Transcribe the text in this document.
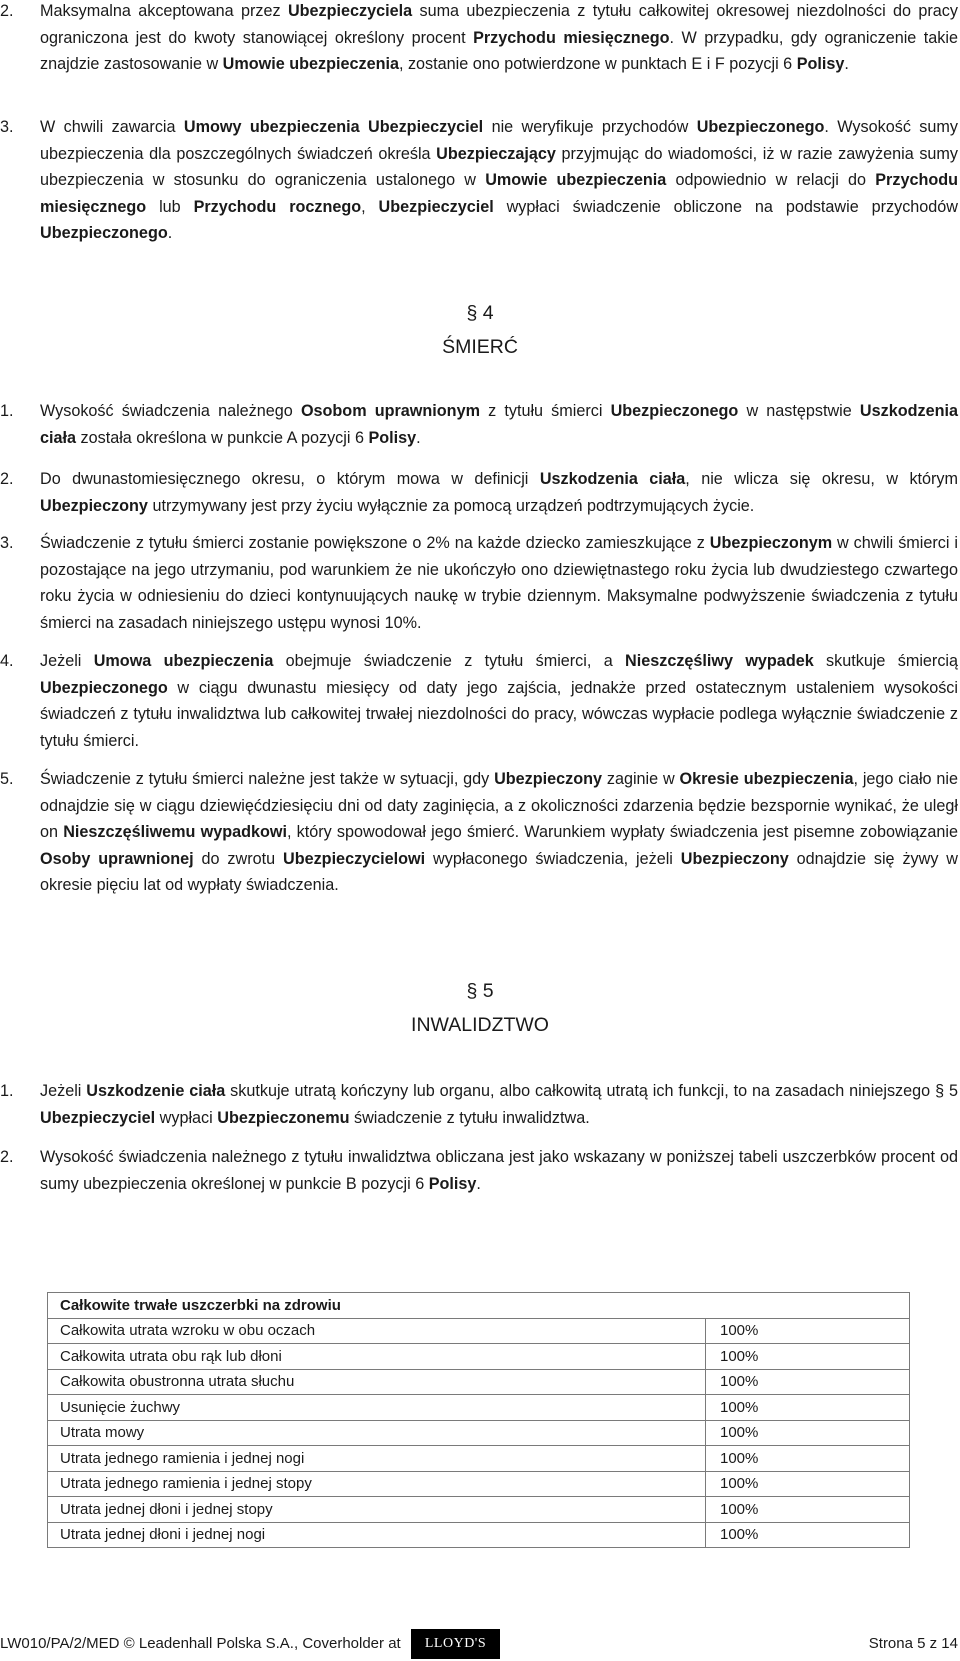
2. Maksymalna akceptowana przez Ubezpieczyciela suma ubezpieczenia z tytułu całkowitej okresowej niezdolności do pracy ograniczona jest do kwoty stanowiącej określony procent Przychodu miesięcznego. W przypadku, gdy ograniczenie takie znajdzie zastosowanie w Umowie ubezpieczenia, zostanie ono potwierdzone w punktach E i F pozycji 6 Polisy.
3. W chwili zawarcia Umowy ubezpieczenia Ubezpieczyciel nie weryfikuje przychodów Ubezpieczonego. Wysokość sumy ubezpieczenia dla poszczególnych świadczeń określa Ubezpieczający przyjmując do wiadomości, iż w razie zawyżenia sumy ubezpieczenia w stosunku do ograniczenia ustalonego w Umowie ubezpieczenia odpowiednio w relacji do Przychodu miesięcznego lub Przychodu rocznego, Ubezpieczyciel wypłaci świadczenie obliczone na podstawie przychodów Ubezpieczonego.
§ 4
ŚMIERĆ
1. Wysokość świadczenia należnego Osobom uprawnionym z tytułu śmierci Ubezpieczonego w następstwie Uszkodzenia ciała została określona w punkcie A pozycji 6 Polisy.
2. Do dwunastomiesięcznego okresu, o którym mowa w definicji Uszkodzenia ciała, nie wlicza się okresu, w którym Ubezpieczony utrzymywany jest przy życiu wyłącznie za pomocą urządzeń podtrzymujących życie.
3. Świadczenie z tytułu śmierci zostanie powiększone o 2% na każde dziecko zamieszkujące z Ubezpieczonym w chwili śmierci i pozostające na jego utrzymaniu, pod warunkiem że nie ukończyło ono dziewiętnastego roku życia lub dwudziestego czwartego roku życia w odniesieniu do dzieci kontynuujących naukę w trybie dziennym. Maksymalne podwyższenie świadczenia z tytułu śmierci na zasadach niniejszego ustępu wynosi 10%.
4. Jeżeli Umowa ubezpieczenia obejmuje świadczenie z tytułu śmierci, a Nieszczęśliwy wypadek skutkuje śmiercią Ubezpieczonego w ciągu dwunastu miesięcy od daty jego zajścia, jednakże przed ostatecznym ustaleniem wysokości świadczeń z tytułu inwalidztwa lub całkowitej trwałej niezdolności do pracy, wówczas wypłacie podlega wyłącznie świadczenie z tytułu śmierci.
5. Świadczenie z tytułu śmierci należne jest także w sytuacji, gdy Ubezpieczony zaginie w Okresie ubezpieczenia, jego ciało nie odnajdzie się w ciągu dziewięćdziesięciu dni od daty zaginięcia, a z okoliczności zdarzenia będzie bezspornie wynikać, że uległ on Nieszczęśliwemu wypadkowi, który spowodował jego śmierć. Warunkiem wypłaty świadczenia jest pisemne zobowiązanie Osoby uprawnionej do zwrotu Ubezpieczycielowi wypłaconego świadczenia, jeżeli Ubezpieczony odnajdzie się żywy w okresie pięciu lat od wypłaty świadczenia.
§ 5
INWALIDZTWO
1. Jeżeli Uszkodzenie ciała skutkuje utratą kończyny lub organu, albo całkowitą utratą ich funkcji, to na zasadach niniejszego § 5 Ubezpieczyciel wypłaci Ubezpieczonemu świadczenie z tytułu inwalidztwa.
2. Wysokość świadczenia należnego z tytułu inwalidztwa obliczana jest jako wskazany w poniższej tabeli uszczerbków procent od sumy ubezpieczenia określonej w punkcie B pozycji 6 Polisy.
Całkowite trwałe uszczerbki na zdrowiu	
Całkowita utrata wzroku w obu oczach	100%
Całkowita utrata obu rąk lub dłoni	100%
Całkowita obustronna utrata słuchu	100%
Usunięcie żuchwy	100%
Utrata mowy	100%
Utrata jednego ramienia i jednej nogi	100%
Utrata jednego ramienia i jednej stopy	100%
Utrata jednej dłoni i jednej stopy	100%
Utrata jednej dłoni i jednej nogi	100%
LW010/PA/2/MED © Leadenhall Polska S.A., Coverholder at LLOYD'S	Strona 5 z 14
